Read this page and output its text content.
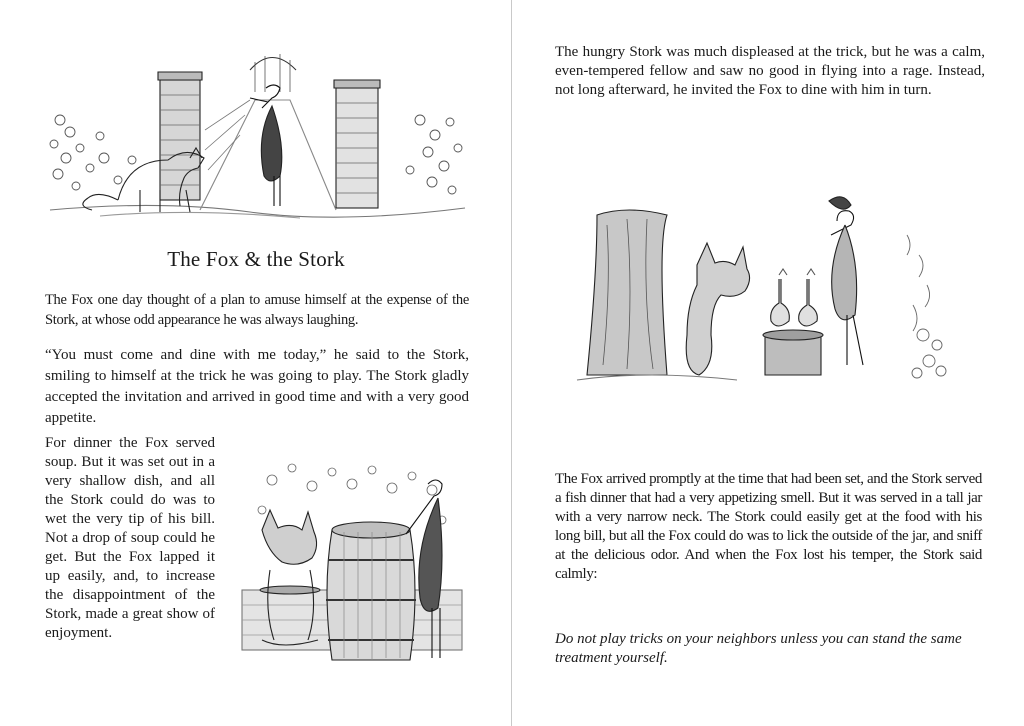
The Fox & the Stork

The Fox one day thought of a plan to amuse himself at the expense of the Stork, at whose odd appearance he was always laughing.

“You must come and dine with me today,” he said to the Stork, smiling to himself at the trick he was going to play. The Stork gladly accepted the invitation and arrived in good time and with a very good appetite.

For dinner the Fox served soup. But it was set out in a very shallow dish, and all the Stork could do was to wet the very tip of his bill. Not a drop of soup could he get. But the Fox lapped it up easily, and, to increase the disappointment of the Stork, made a great show of enjoyment.

The hungry Stork was much displeased at the trick, but he was a calm, even-tempered fellow and saw no good in flying into a rage. Instead, not long afterward, he invited the Fox to dine with him in turn.

The Fox arrived promptly at the time that had been set, and the Stork served a fish dinner that had a very appetizing smell. But it was served in a tall jar with a very narrow neck. The Stork could easily get at the food with his long bill, but all the Fox could do was to lick the outside of the jar, and sniff at the delicious odor. And when the Fox lost his temper, the Stork said calmly:

Do not play tricks on your neighbors unless you can stand the same treatment yourself.
